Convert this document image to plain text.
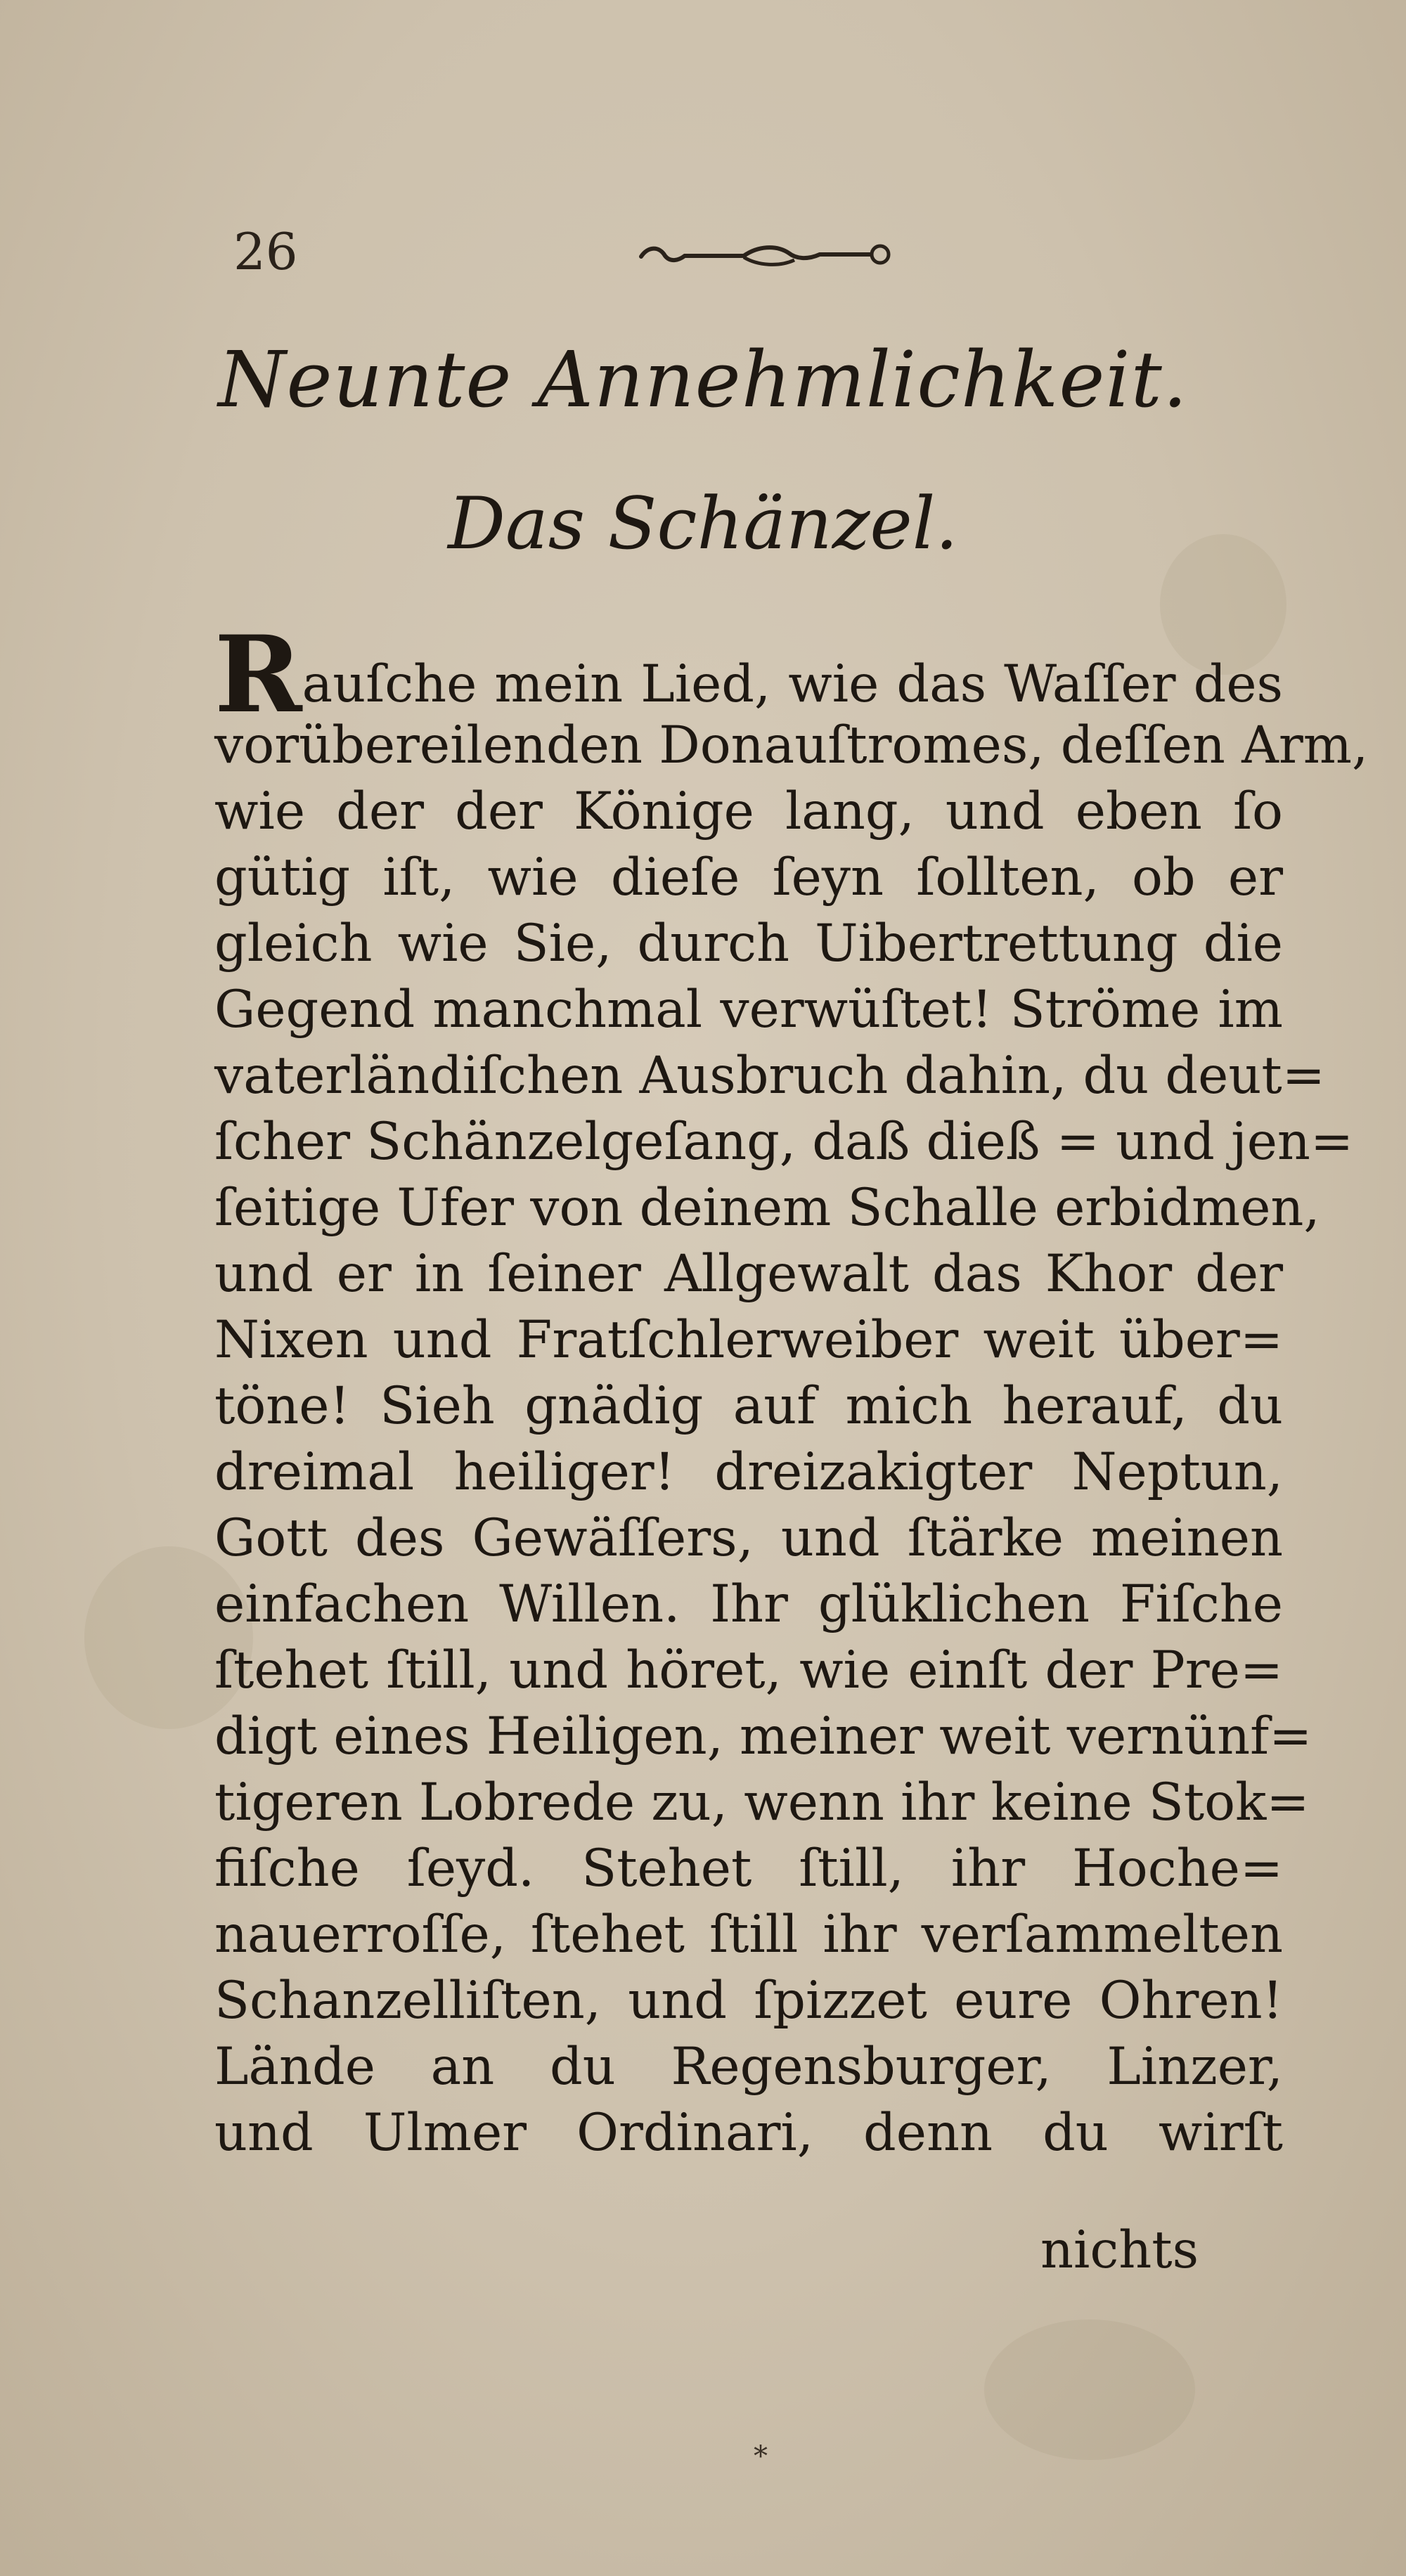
26
Neunte Annehmlichkeit.
Das Schänzel.
Rauſche mein Lied, wie das Waſſer des
vorübereilenden Donauſtromes, deſſen Arm,
wie der der Könige lang, und eben ſo
gütig iſt, wie dieſe ſeyn ſollten, ob er
gleich wie Sie, durch Uibertrettung die
Gegend manchmal verwüſtet! Ströme im
vaterländiſchen Ausbruch dahin, du deut=
ſcher Schänzelgeſang, daß dieß = und jen=
ſeitige Ufer von deinem Schalle erbidmen,
und er in ſeiner Allgewalt das Khor der
Nixen und Fratſchlerweiber weit über=
töne! Sieh gnädig auf mich herauf, du
dreimal heiliger! dreizakigter Neptun,
Gott des Gewäſſers, und ſtärke meinen
einfachen Willen. Ihr glüklichen Fiſche
ſtehet ſtill, und höret, wie einſt der Pre=
digt eines Heiligen, meiner weit vernünf=
tigeren Lobrede zu, wenn ihr keine Stok=
fiſche ſeyd. Stehet ſtill, ihr Hoche=
nauerroſſe, ſtehet ſtill ihr verſammelten
Schanzelliſten, und ſpizzet eure Ohren!
Lände an du Regensburger, Linzer,
und Ulmer Ordinari, denn du wirſt
nichts
*
